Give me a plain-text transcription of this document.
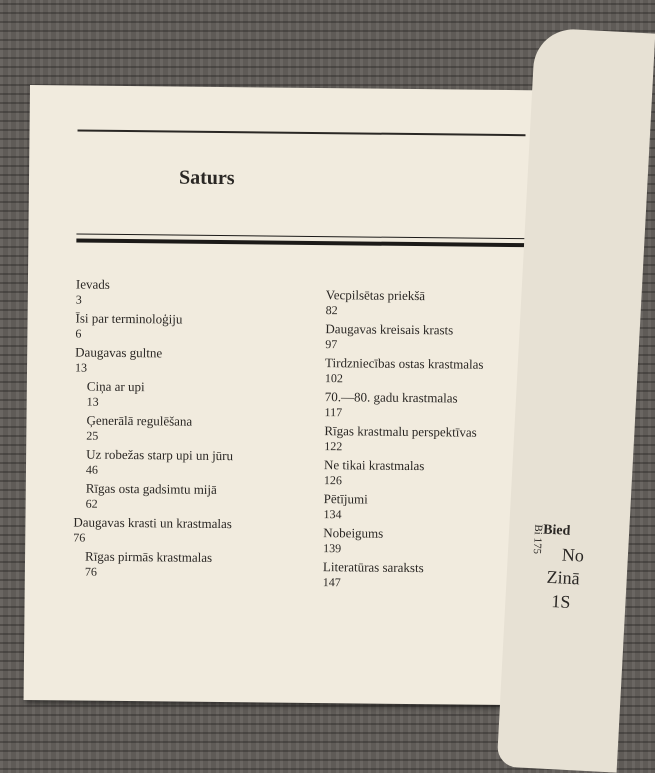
Saturs
Ievads
3
Īsi par terminoloģiju
6
Daugavas gultne
13
Ciņa ar upi
13
Ģenerālā regulēšana
25
Uz robežas starp upi un jūru
46
Rīgas osta gadsimtu mijā
62
Daugavas krasti un krastmalas
76
Rīgas pirmās krastmalas
76
Vecpilsētas priekšā
82
Daugavas kreisais krasts
97
Tirdzniecības ostas krastmalas
102
70.—80. gadu krastmalas
117
Rīgas krastmalu perspektīvas
122
Ne tikai krastmalas
126
Pētījumi
134
Nobeigums
139
Literatūras saraksts
147
Bi 175
Bied
No
Zinā
1S
